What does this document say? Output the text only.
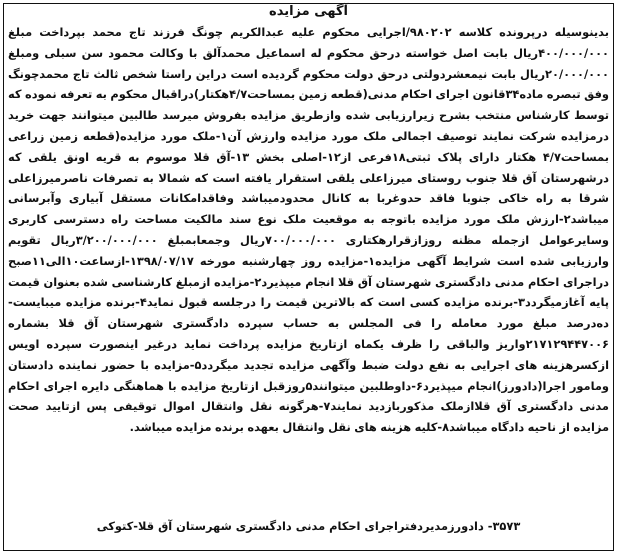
آگهی مزایده
بدینوسیله درپرونده کلاسه ۹۸۰۲۰۲/اجرایی محکوم علیه عبدالکریم چونگ فرزند تاج محمد بپرداخت مبلغ ۴۰۰/۰۰۰/۰۰۰ریال بابت اصل خواسته درحق محکوم له اسماعیل محمدآلق با وکالت محمود سن سبلی ومبلغ ۲۰/۰۰۰/۰۰۰ریال بابت نیمعشردولتی درحق دولت محکوم گردیده است دراین راستا شخص ثالث تاج محمدچونگ وفق تبصره ماده۳۴قانون اجرای احکام مدنی(قطعه زمین بمساحت۴/۷هکتار)دراقبال محکوم به تعرفه نموده که توسط کارشناس منتخب بشرح زیرارزیابی شده وازطریق مزایده بفروش میرسد طالبین میتوانند جهت خرید درمزایده شرکت نمایند توصیف اجمالی ملک مورد مزایده وارزش آن۱-ملک مورد مزایده(قطعه زمین زراعی بمساحت۴/۷ هکتار دارای پلاک ثبتی۱۸فرعی از۱۲-اصلی بخش ۱۳-آق قلا موسوم به قریه اونق یلقی که درشهرستان آق قلا جنوب روستای میرزاعلی یلقی استقرار یافته است که شمالا به تصرفات ناصرمیرزاعلی شرقا به راه خاکی جنوبا فاقد حدوغربا به کانال محدودمیباشد وفاقدامکانات مستقل آبیاری وآبرسانی میباشد۲-ارزش ملک مورد مزایده باتوجه به موقعیت ملک نوع سند مالکیت مساحت راه دسترسی کاربری وسایرعوامل ازجمله مظنه روزازقرارهکتاری ۷۰۰/۰۰۰/۰۰۰ریال وجمعابمبلغ ۳/۲۰۰/۰۰۰/۰۰۰ریال تقویم وارزیابی شده است شرایط آگهی مزایده۱-مزایده روز چهارشنبه مورخه ۱۳۹۸/۰۷/۱۷-ازساعت۱۰الی۱۱صبح دراجرای احکام مدنی دادگستری شهرستان آق قلا انجام میپذیرد۲-مزایده ازمبلغ کارشناسی شده بعنوان قیمت پایه آغازمیگردد۳-برنده مزایده کسی است که بالاترین قیمت را درجلسه قبول نماید۴-برنده مزایده میبایست-ده‌درصد مبلغ مورد معامله را فی المجلس به حساب سپرده دادگستری شهرستان آق قلا بشماره ۲۱۷۱۲۹۴۴۷۰۰۶واریز والباقی را ظرف یکماه ازتاریخ مزایده پرداخت نماید درغیر اینصورت سپرده اویس ازکسرهزینه های اجرایی به نفع دولت ضبط وآگهی مزایده تجدید میگردد۵-مزایده با حضور نماینده دادستان ومامور اجرا(دادورز)انجام میپذیرد۶-داوطلبین میتوانند۵روزقبل ازتاریخ مزایده با هماهنگی دایره اجرای احکام مدنی دادگستری آق قلاازملک مذکوربازدید نمایند۷-هرگونه نقل وانتقال اموال توقیفی پس ازتایید صحت مزایده از ناحیه دادگاه میباشد۸-کلیه هزینه های نقل وانتقال بعهده برنده مزایده میباشد.
۳۵۷۳- دادورزمدیردفتراجرای احکام مدنی دادگستری شهرستان آق قلا-کتوکی
